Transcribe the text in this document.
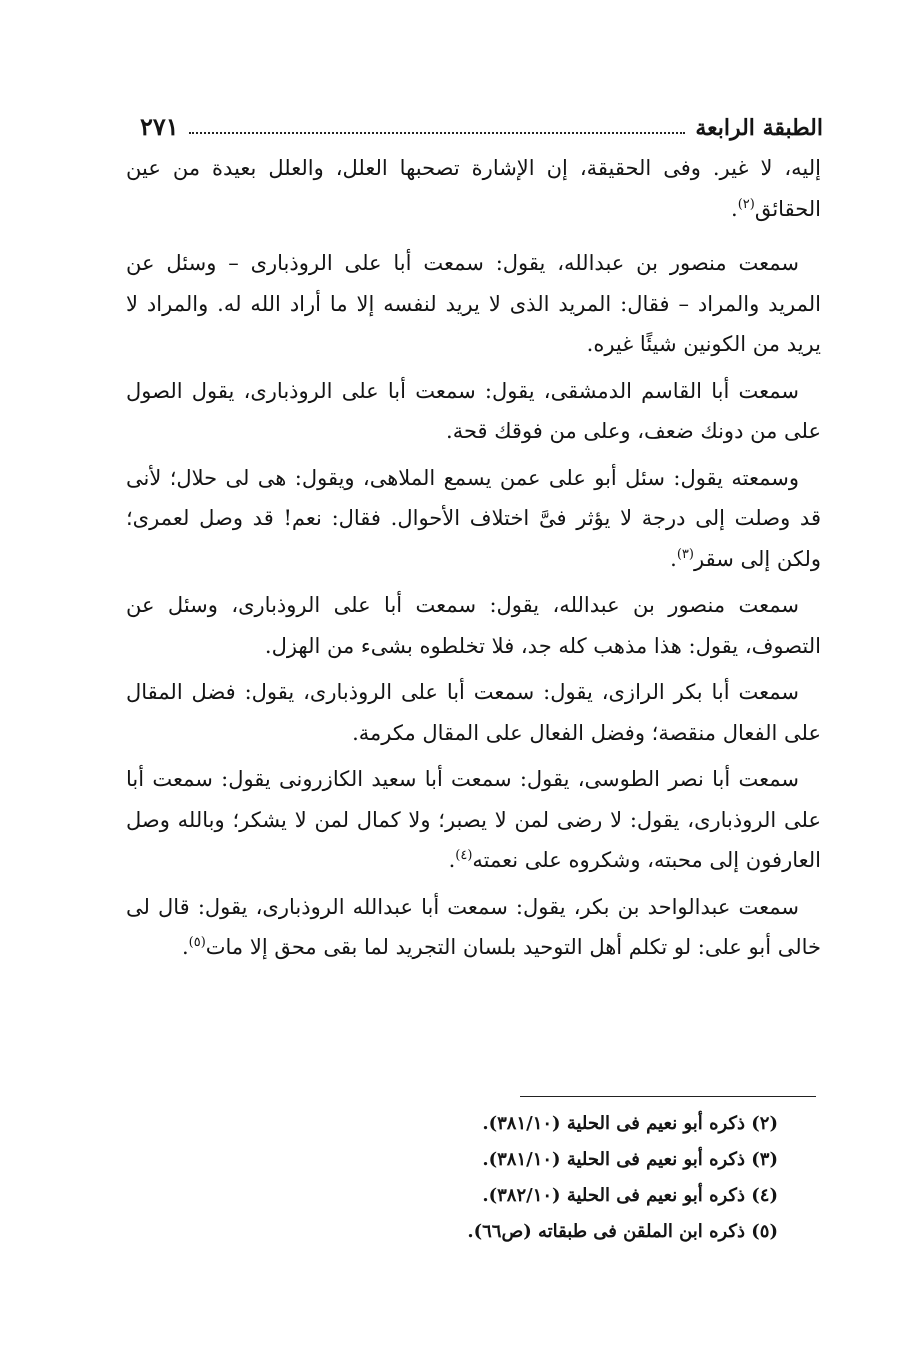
الطبقة الرابعة
٢٧١

إليه، لا غير. وفى الحقيقة، إن الإشارة تصحبها العلل، والعلل بعيدة من عين الحقائق$^{(٢)}$.

سمعت منصور بن عبدالله، يقول: سمعت أبا على الروذبارى – وسئل عن المريد والمراد – فقال: المريد الذى لا يريد لنفسه إلا ما أراد الله له. والمراد لا يريد من الكونين شيئًا غيره.

سمعت أبا القاسم الدمشقى، يقول: سمعت أبا على الروذبارى، يقول الصول على من دونك ضعف، وعلى من فوقك قحة.

وسمعته يقول: سئل أبو على عمن يسمع الملاهى، ويقول: هى لى حلال؛ لأنى قد وصلت إلى درجة لا يؤثر فىَّ اختلاف الأحوال. فقال: نعم! قد وصل لعمرى؛ ولكن إلى سقر$^{(٣)}$.

سمعت منصور بن عبدالله، يقول: سمعت أبا على الروذبارى، وسئل عن التصوف، يقول: هذا مذهب كله جد، فلا تخلطوه بشىء من الهزل.

سمعت أبا بكر الرازى، يقول: سمعت أبا على الروذبارى، يقول: فضل المقال على الفعال منقصة؛ وفضل الفعال على المقال مكرمة.

سمعت أبا نصر الطوسى، يقول: سمعت أبا سعيد الكازرونى يقول: سمعت أبا على الروذبارى، يقول: لا رضى لمن لا يصبر؛ ولا كمال لمن لا يشكر؛ وبالله وصل العارفون إلى محبته، وشكروه على نعمته$^{(٤)}$.

سمعت عبدالواحد بن بكر، يقول: سمعت أبا عبدالله الروذبارى، يقول: قال لى خالى أبو على: لو تكلم أهل التوحيد بلسان التجريد لما بقى محق إلا مات$^{(٥)}$.

(٢) ذكره أبو نعيم فى الحلية (٣٨١/١٠).
(٣) ذكره أبو نعيم فى الحلية (٣٨١/١٠).
(٤) ذكره أبو نعيم فى الحلية (٣٨٢/١٠).
(٥) ذكره ابن الملقن فى طبقاته (ص٦٦).
